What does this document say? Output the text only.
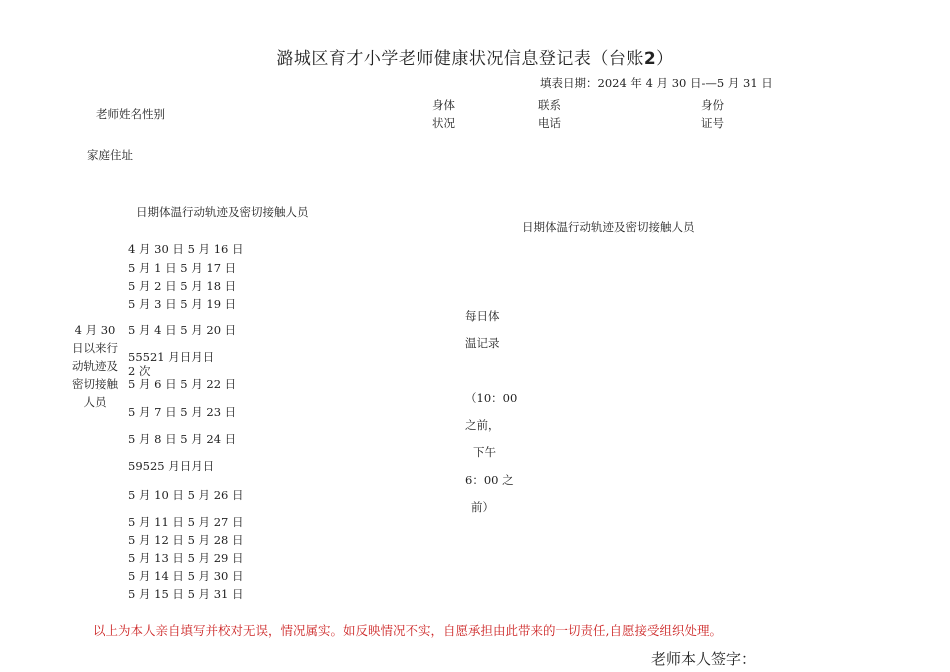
潞城区育才小学老师健康状况信息登记表（台账2）
填表日期：2024 年 4 月 30 日-—5 月 31 日
老师姓名性别
身体
状况
联系
电话
身份
证号
家庭住址
日期体温行动轨迹及密切接触人员
日期体温行动轨迹及密切接触人员
4 月 30 日以来行动轨迹及密切接触人员
4 月 30 日 5 月 16 日
5 月 1 日 5 月 17 日
5 月 2 日 5 月 18 日
5 月 3 日 5 月 19 日
5 月 4 日 5 月 20 日
55521 月日月日
2 次
5 月 6 日 5 月 22 日
5 月 7 日 5 月 23 日
5 月 8 日 5 月 24 日
59525 月日月日
5 月 10 日 5 月 26 日
5 月 11 日 5 月 27 日
5 月 12 日 5 月 28 日
5 月 13 日 5 月 29 日
5 月 14 日 5 月 30 日
5 月 15 日 5 月 31 日
每日体
温记录
（10：00
之前，
下午
6：00 之
前）
以上为本人亲自填写并校对无误，情况属实。如反映情况不实，自愿承担由此带来的一切责任,自愿接受组织处理。
老师本人签字：
